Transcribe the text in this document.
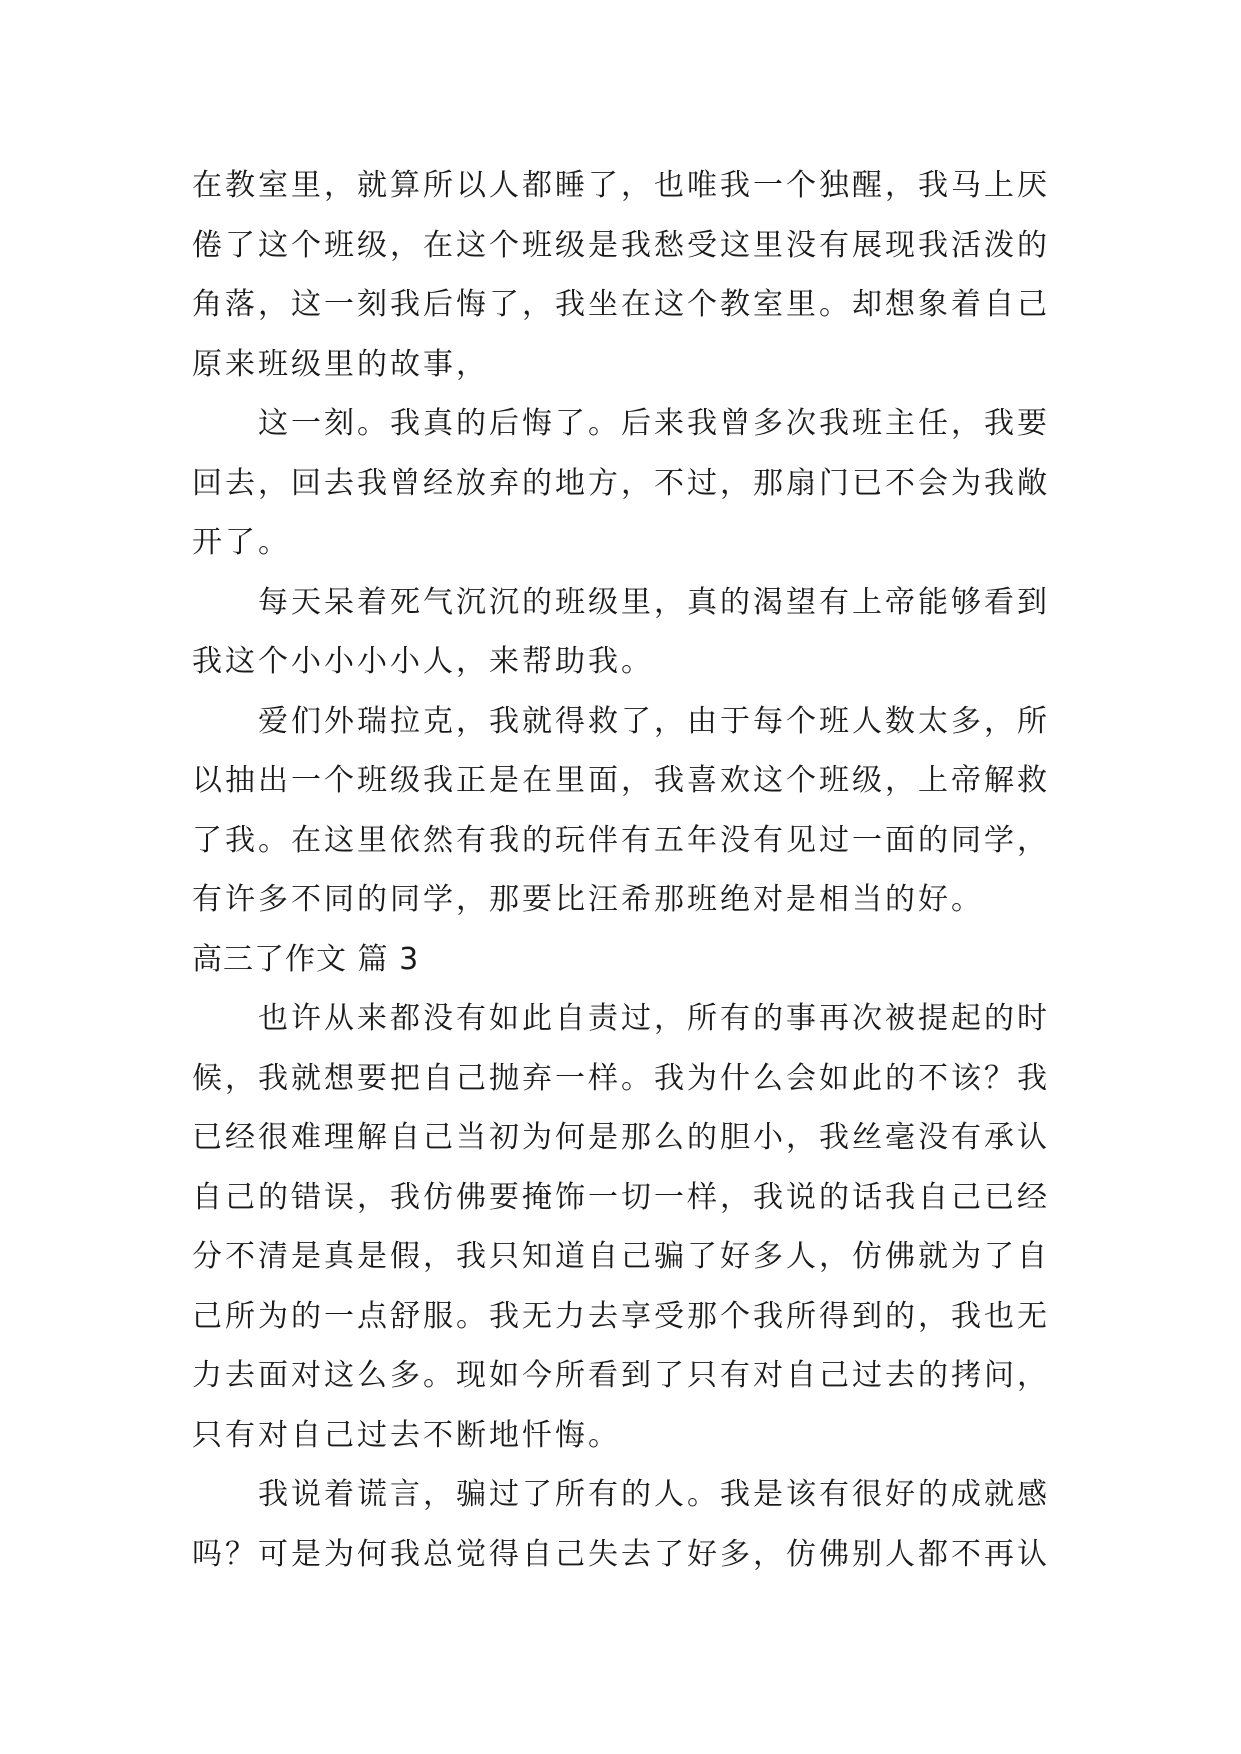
在教室里，就算所以人都睡了，也唯我一个独醒，我马上厌
倦了这个班级，在这个班级是我愁受这里没有展现我活泼的
角落，这一刻我后悔了，我坐在这个教室里。却想象着自己
原来班级里的故事，
这一刻。我真的后悔了。后来我曾多次我班主任，我要
回去，回去我曾经放弃的地方，不过，那扇门已不会为我敞
开了。
每天呆着死气沉沉的班级里，真的渴望有上帝能够看到
我这个小小小小人，来帮助我。
爱们外瑞拉克，我就得救了，由于每个班人数太多，所
以抽出一个班级我正是在里面，我喜欢这个班级，上帝解救
了我。在这里依然有我的玩伴有五年没有见过一面的同学，
有许多不同的同学，那要比汪希那班绝对是相当的好。
高三了作文 篇 3
也许从来都没有如此自责过，所有的事再次被提起的时
候，我就想要把自己抛弃一样。我为什么会如此的不该？我
已经很难理解自己当初为何是那么的胆小，我丝毫没有承认
自己的错误，我仿佛要掩饰一切一样，我说的话我自己已经
分不清是真是假，我只知道自己骗了好多人，仿佛就为了自
己所为的一点舒服。我无力去享受那个我所得到的，我也无
力去面对这么多。现如今所看到了只有对自己过去的拷问，
只有对自己过去不断地忏悔。
我说着谎言，骗过了所有的人。我是该有很好的成就感
吗？可是为何我总觉得自己失去了好多，仿佛别人都不再认
